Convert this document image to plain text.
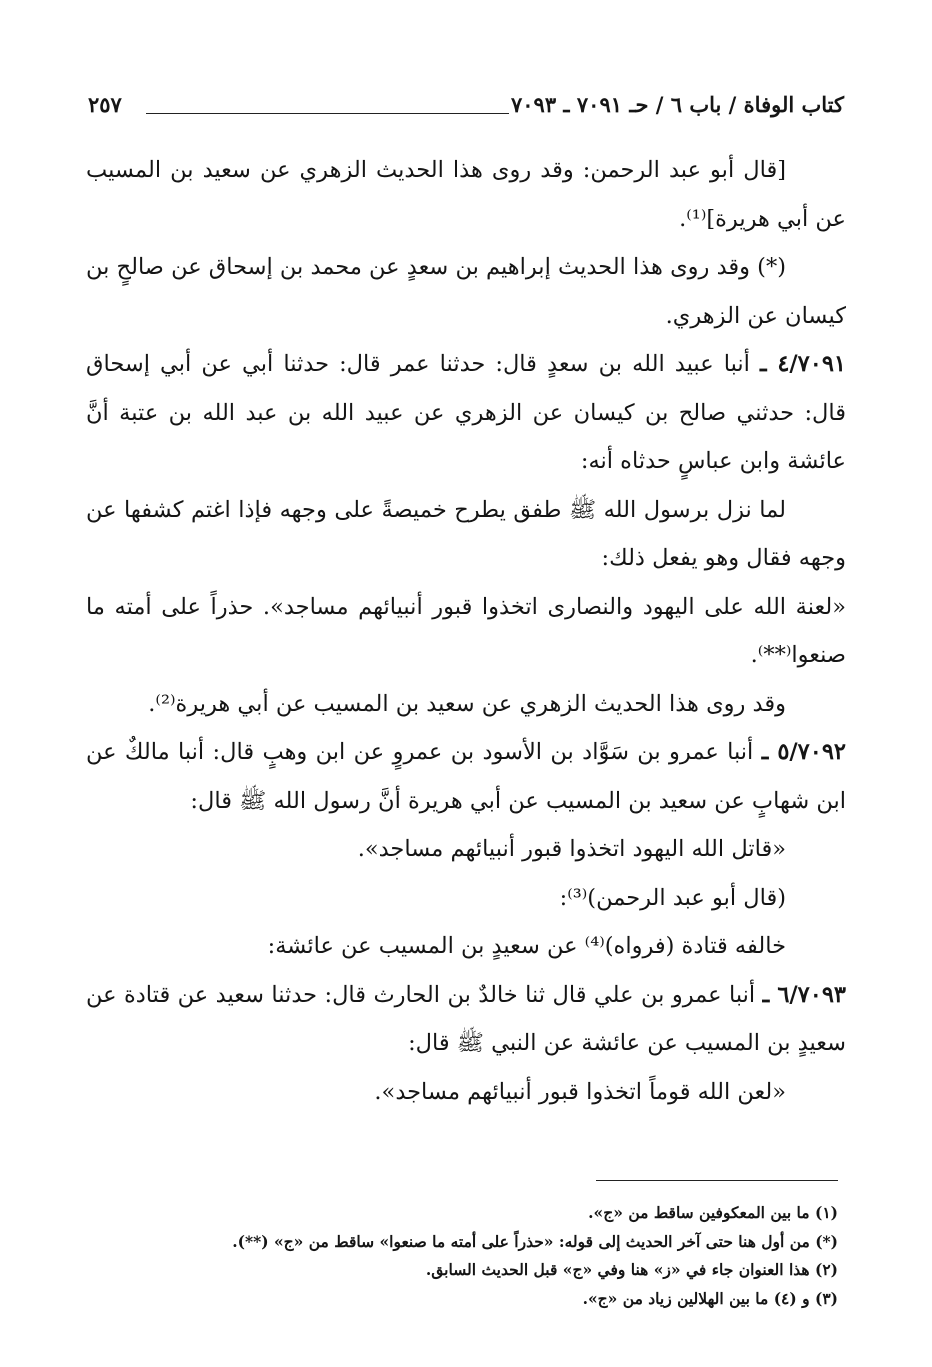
كتاب الوفاة / باب ٦ / حـ ٧٠٩١ ـ ٧٠٩٣
٢٥٧

[قال أبو عبد الرحمن: وقد روى هذا الحديث الزهري عن سعيد بن المسيب عن أبي هريرة]⁽¹⁾.

(*) وقد روى هذا الحديث إبراهيم بن سعدٍ عن محمد بن إسحاق عن صالحٍ بن كيسان عن الزهري.

٤/٧٠٩١ ـ أنبا عبيد الله بن سعدٍ قال: حدثنا عمر قال: حدثنا أبي عن أبي إسحاق قال: حدثني صالح بن كيسان عن الزهري عن عبيد الله بن عبد الله بن عتبة أنَّ عائشة وابن عباسٍ حدثاه أنه:

لما نزل برسول الله ﷺ طفق يطرح خميصةً على وجهه فإذا اغتم كشفها عن وجهه فقال وهو يفعل ذلك:

«لعنة الله على اليهود والنصارى اتخذوا قبور أنبيائهم مساجد». حذراً على أمته ما صنعوا⁽**⁾.

وقد روى هذا الحديث الزهري عن سعيد بن المسيب عن أبي هريرة⁽²⁾.

٥/٧٠٩٢ ـ أنبا عمرو بن سَوَّاد بن الأسود بن عمروٍ عن ابن وهبٍ قال: أنبا مالكٌ عن ابن شهابٍ عن سعيد بن المسيب عن أبي هريرة أنَّ رسول الله ﷺ قال:

«قاتل الله اليهود اتخذوا قبور أنبيائهم مساجد».

(قال أبو عبد الرحمن)⁽³⁾:

خالفه قتادة (فرواه)⁽⁴⁾ عن سعيدٍ بن المسيب عن عائشة:

٦/٧٠٩٣ ـ أنبا عمرو بن علي قال ثنا خالدٌ بن الحارث قال: حدثنا سعيد عن قتادة عن سعيدٍ بن المسيب عن عائشة عن النبي ﷺ قال:

«لعن الله قوماً اتخذوا قبور أنبيائهم مساجد».

(١) ما بين المعكوفين ساقط من «ج».
(*) من أول هنا حتى آخر الحديث إلى قوله: «حذراً على أمته ما صنعوا» ساقط من «ج» (**).
(٢) هذا العنوان جاء في «ز» هنا وفي «ج» قبل الحديث السابق.
(٣) و (٤) ما بين الهلالين زياد من «ج».
